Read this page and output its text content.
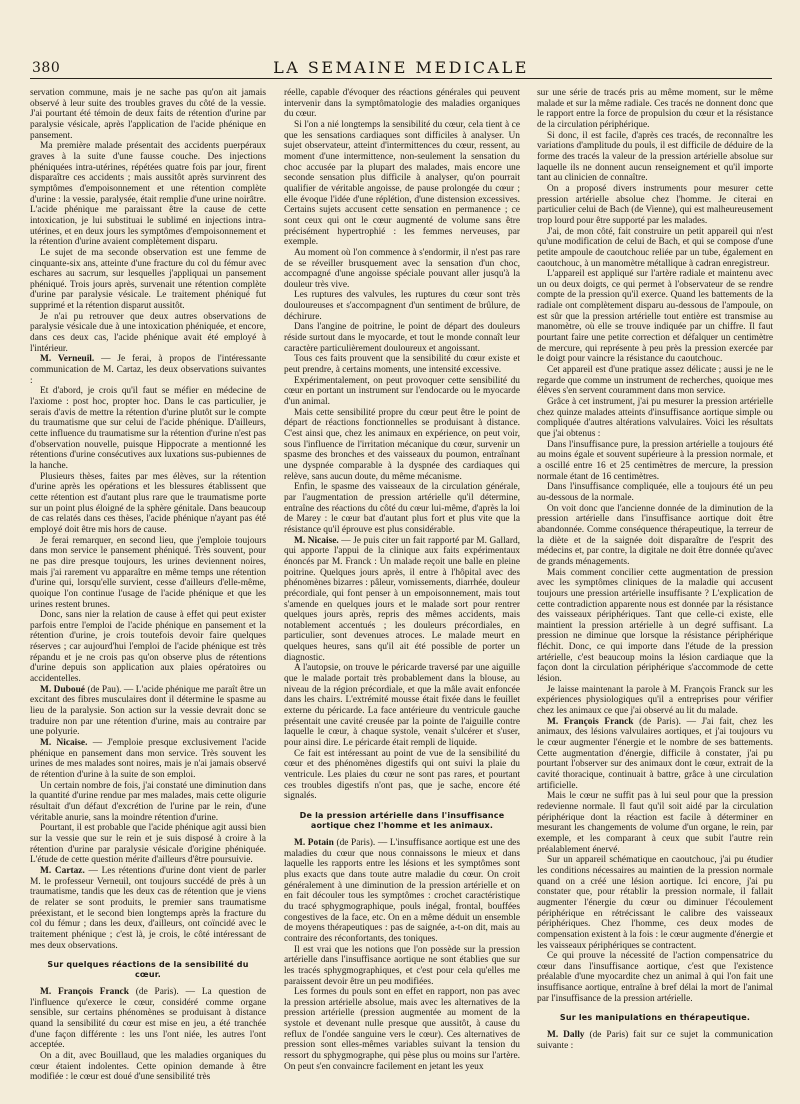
380	LA SEMAINE MEDICALE

servation commune, mais je ne sache pas qu'on ait jamais observé à leur suite des troubles graves du côté de la vessie. J'ai pourtant été témoin de deux faits de rétention d'urine par paralysie vésicale, après l'application de l'acide phénique en pansement.

Ma première malade présentait des accidents puerpéraux graves à la suite d'une fausse couche. Des injections phéniquées intra-utérines, répétées quatre fois par jour, firent disparaître ces accidents ; mais aussitôt après survinrent des symptômes d'empoisonnement et une rétention complète d'urine : la vessie, paralysée, était remplie d'une urine noirâtre. L'acide phénique me paraissant être la cause de cette intoxication, je lui substituai le sublimé en injections intra-utérines, et en deux jours les symptômes d'empoisonnement et la rétention d'urine avaient complètement disparu.

Le sujet de ma seconde observation est une femme de cinquante-six ans, atteinte d'une fracture du col du fémur avec eschares au sacrum, sur lesquelles j'appliquai un pansement phéniqué. Trois jours après, survenait une rétention complète d'urine par paralysie vésicale. Le traitement phéniqué fut supprimé et la rétention disparut aussitôt.

Je n'ai pu retrouver que deux autres observations de paralysie vésicale due à une intoxication phéniquée, et encore, dans ces deux cas, l'acide phénique avait été employé à l'intérieur.

M. Verneuil. — Je ferai, à propos de l'intéressante communication de M. Cartaz, les deux observations suivantes :

Et d'abord, je crois qu'il faut se méfier en médecine de l'axiome : post hoc, propter hoc. Dans le cas particulier, je serais d'avis de mettre la rétention d'urine plutôt sur le compte du traumatisme que sur celui de l'acide phénique. D'ailleurs, cette influence du traumatisme sur la rétention d'urine n'est pas d'observation nouvelle, puisque Hippocrate a mentionné les rétentions d'urine consécutives aux luxations sus-pubiennes de la hanche.

Plusieurs thèses, faites par mes élèves, sur la rétention d'urine après les opérations et les blessures établissent que cette rétention est d'autant plus rare que le traumatisme porte sur un point plus éloigné de la sphère génitale. Dans beaucoup de cas relatés dans ces thèses, l'acide phénique n'ayant pas été employé doit être mis hors de cause.

Je ferai remarquer, en second lieu, que j'emploie toujours dans mon service le pansement phéniqué. Très souvent, pour ne pas dire presque toujours, les urines deviennent noires, mais j'ai rarement vu apparaître en même temps une rétention d'urine qui, lorsqu'elle survient, cesse d'ailleurs d'elle-même, quoique l'on continue l'usage de l'acide phénique et que les urines restent brunes.

Donc, sans nier la relation de cause à effet qui peut exister parfois entre l'emploi de l'acide phénique en pansement et la rétention d'urine, je crois toutefois devoir faire quelques réserves ; car aujourd'hui l'emploi de l'acide phénique est très répandu et je ne crois pas qu'on observe plus de rétentions d'urine depuis son application aux plaies opératoires ou accidentelles.

M. Duboué (de Pau). — L'acide phénique me paraît être un excitant des fibres musculaires dont il détermine le spasme au lieu de la paralysie. Son action sur la vessie devrait donc se traduire non par une rétention d'urine, mais au contraire par une polyurie.

M. Nicaise. — J'emploie presque exclusivement l'acide phénique en pansement dans mon service. Très souvent les urines de mes malades sont noires, mais je n'ai jamais observé de rétention d'urine à la suite de son emploi.

Un certain nombre de fois, j'ai constaté une diminution dans la quantité d'urine rendue par mes malades, mais cette oligurie résultait d'un défaut d'excrétion de l'urine par le rein, d'une véritable anurie, sans la moindre rétention d'urine.

Pourtant, il est probable que l'acide phénique agit aussi bien sur la vessie que sur le rein et je suis disposé à croire à la rétention d'urine par paralysie vésicale d'origine phéniquée. L'étude de cette question mérite d'ailleurs d'être poursuivie.

M. Cartaz. — Les rétentions d'urine dont vient de parler M. le professeur Verneuil, ont toujours succédé de près à un traumatisme, tandis que les deux cas de rétention que je viens de relater se sont produits, le premier sans traumatisme préexistant, et le second bien longtemps après la fracture du col du fémur ; dans les deux, d'ailleurs, ont coïncidé avec le traitement phénique ; c'est là, je crois, le côté intéressant de mes deux observations.

Sur quelques réactions de la sensibilité du cœur.

M. François Franck (de Paris). — La question de l'influence qu'exerce le cœur, considéré comme organe sensible, sur certains phénomènes se produisant à distance quand la sensibilité du cœur est mise en jeu, a été tranchée d'une façon différente : les uns l'ont niée, les autres l'ont acceptée.

On a dit, avec Bouillaud, que les maladies organiques du cœur étaient indolentes. Cette opinion demande à être modifiée : le cœur est doué d'une sensibilité très

réelle, capable d'évoquer des réactions générales qui peuvent intervenir dans la symptômatologie des maladies organiques du cœur.

Si l'on a nié longtemps la sensibilité du cœur, cela tient à ce que les sensations cardiaques sont difficiles à analyser. Un sujet observateur, atteint d'intermittences du cœur, ressent, au moment d'une intermittence, non-seulement la sensation du choc accusée par la plupart des malades, mais encore une seconde sensation plus difficile à analyser, qu'on pourrait qualifier de véritable angoisse, de pause prolongée du cœur ; elle évoque l'idée d'une réplétion, d'une distension excessives. Certains sujets accusent cette sensation en permanence ; ce sont ceux qui ont le cœur augmenté de volume sans être précisément hypertrophié : les femmes nerveuses, par exemple.

Au moment où l'on commence à s'endormir, il n'est pas rare de se réveiller brusquement avec la sensation d'un choc, accompagné d'une angoisse spéciale pouvant aller jusqu'à la douleur très vive.

Les ruptures des valvules, les ruptures du cœur sont très douloureuses et s'accompagnent d'un sentiment de brûlure, de déchirure.

Dans l'angine de poitrine, le point de départ des douleurs réside surtout dans le myocarde, et tout le monde connaît leur caractère particulièrement douloureux et angoissant.

Tous ces faits prouvent que la sensibilité du cœur existe et peut prendre, à certains moments, une intensité excessive.

Expérimentalement, on peut provoquer cette sensibilité du cœur en portant un instrument sur l'endocarde ou le myocarde d'un animal.

Mais cette sensibilité propre du cœur peut être le point de départ de réactions fonctionnelles se produisant à distance. C'est ainsi que, chez les animaux en expérience, on peut voir, sous l'influence de l'irritation mécanique du cœur, survenir un spasme des bronches et des vaisseaux du poumon, entraînant une dyspnée comparable à la dyspnée des cardiaques qui relève, sans aucun doute, du même mécanisme.

Enfin, le spasme des vaisseaux de la circulation générale, par l'augmentation de pression artérielle qu'il détermine, entraîne des réactions du côté du cœur lui-même, d'après la loi de Marey : le cœur bat d'autant plus fort et plus vite que la résistance qu'il éprouve est plus considérable.

M. Nicaise. — Je puis citer un fait rapporté par M. Gallard, qui apporte l'appui de la clinique aux faits expérimentaux énoncés par M. Franck : Un malade reçoit une balle en pleine poitrine. Quelques jours après, il entre à l'hôpital avec des phénomènes bizarres : pâleur, vomissements, diarrhée, douleur précordiale, qui font penser à un empoisonnement, mais tout s'amende en quelques jours et le malade sort pour rentrer quelques jours après, repris des mêmes accidents, mais notablement accentués ; les douleurs précordiales, en particulier, sont devenues atroces. Le malade meurt en quelques heures, sans qu'il ait été possible de porter un diagnostic.

A l'autopsie, on trouve le péricarde traversé par une aiguille que le malade portait très probablement dans la blouse, au niveau de la région précordiale, et que la mâle avait enfoncée dans les chairs. L'extrémité mousse était fixée dans le feuillet externe du péricarde. La face antérieure du ventricule gauche présentait une cavité creusée par la pointe de l'aiguille contre laquelle le cœur, à chaque systole, venait s'ulcérer et s'user, pour ainsi dire. Le péricarde était rempli de liquide.

Ce fait est intéressant au point de vue de la sensibilité du cœur et des phénomènes digestifs qui ont suivi la plaie du ventricule. Les plaies du cœur ne sont pas rares, et pourtant ces troubles digestifs n'ont pas, que je sache, encore été signalés.

De la pression artérielle dans l'insuffisance aortique chez l'homme et les animaux.

M. Potain (de Paris). — L'insuffisance aortique est une des maladies du cœur que nous connaissons le mieux et dans laquelle les rapports entre les lésions et les symptômes sont plus exacts que dans toute autre maladie du cœur. On croit généralement à une diminution de la pression artérielle et on en fait découler tous les symptômes : crochet caractéristique du tracé sphygmographique, pouls inégal, frontal, bouffées congestives de la face, etc. On en a même déduit un ensemble de moyens thérapeutiques : pas de saignée, a-t-on dit, mais au contraire des réconfortants, des toniques.

Il est vrai que les notions que l'on possède sur la pression artérielle dans l'insuffisance aortique ne sont établies que sur les tracés sphygmographiques, et c'est pour cela qu'elles me paraissent devoir être un peu modifiées.

Les formes du pouls sont en effet en rapport, non pas avec la pression artérielle absolue, mais avec les alternatives de la pression artérielle (pression augmentée au moment de la systole et devenant nulle presque que aussitôt, à cause du reflux de l'ondée sanguine vers le cœur). Ces alternatives de pression sont elles-mêmes variables suivant la tension du ressort du sphygmographe, qui pèse plus ou moins sur l'artère. On peut s'en convaincre facilement en jetant les yeux

sur une série de tracés pris au même moment, sur le même malade et sur la même radiale. Ces tracés ne donnent donc que le rapport entre la force de propulsion du cœur et la résistance de la circulation périphérique.

Si donc, il est facile, d'après ces tracés, de reconnaître les variations d'amplitude du pouls, il est difficile de déduire de la forme des tracés la valeur de la pression artérielle absolue sur laquelle ils ne donnent aucun renseignement et qu'il importe tant au clinicien de connaître.

On a proposé divers instruments pour mesurer cette pression artérielle absolue chez l'homme. Je citerai en particulier celui de Bach (de Vienne), qui est malheureusement trop lourd pour être supporté par les malades.

J'ai, de mon côté, fait construire un petit appareil qui n'est qu'une modification de celui de Bach, et qui se compose d'une petite ampoule de caoutchouc reliée par un tube, également en caoutchouc, à un manomètre métallique à cadran enregistreur.

L'appareil est appliqué sur l'artère radiale et maintenu avec un ou deux doigts, ce qui permet à l'observateur de se rendre compte de la pression qu'il exerce. Quand les battements de la radiale ont complètement disparu au-dessous de l'ampoule, on est sûr que la pression artérielle tout entière est transmise au manomètre, où elle se trouve indiquée par un chiffre. Il faut pourtant faire une petite correction et défalquer un centimètre de mercure, qui représente à peu près la pression exercée par le doigt pour vaincre la résistance du caoutchouc.

Cet appareil est d'une pratique assez délicate ; aussi je ne le regarde que comme un instrument de recherches, quoique mes élèves s'en servent couramment dans mon service.

Grâce à cet instrument, j'ai pu mesurer la pression artérielle chez quinze malades atteints d'insuffisance aortique simple ou compliquée d'autres altérations valvulaires. Voici les résultats que j'ai obtenus :

Dans l'insuffisance pure, la pression artérielle a toujours été au moins égale et souvent supérieure à la pression normale, et a oscillé entre 16 et 25 centimètres de mercure, la pression normale étant de 16 centimètres.

Dans l'insuffisance compliquée, elle a toujours été un peu au-dessous de la normale.

On voit donc que l'ancienne donnée de la diminution de la pression artérielle dans l'insuffisance aortique doit être abandonnée. Comme conséquence thérapeutique, la terreur de la diète et de la saignée doit disparaître de l'esprit des médecins et, par contre, la digitale ne doit être donnée qu'avec de grands ménagements.

Mais comment concilier cette augmentation de pression avec les symptômes cliniques de la maladie qui accusent toujours une pression artérielle insuffisante ? L'explication de cette contradiction apparente nous est donnée par la résistance des vaisseaux périphériques. Tant que celle-ci existe, elle maintient la pression artérielle à un degré suffisant. La pression ne diminue que lorsque la résistance périphérique fléchit. Donc, ce qui importe dans l'étude de la pression artérielle, c'est beaucoup moins la lésion cardiaque que la façon dont la circulation périphérique s'accommode de cette lésion.

Je laisse maintenant la parole à M. François Franck sur les expériences physiologiques qu'il a entreprises pour vérifier chez les animaux ce que j'ai observé au lit du malade.

M. François Franck (de Paris). — J'ai fait, chez les animaux, des lésions valvulaires aortiques, et j'ai toujours vu le cœur augmenter l'énergie et le nombre de ses battements. Cette augmentation d'énergie, difficile à constater, j'ai pu pourtant l'observer sur des animaux dont le cœur, extrait de la cavité thoracique, continuait à battre, grâce à une circulation artificielle.

Mais le cœur ne suffit pas à lui seul pour que la pression redevienne normale. Il faut qu'il soit aidé par la circulation périphérique dont la réaction est facile à déterminer en mesurant les changements de volume d'un organe, le rein, par exemple, et les comparant à ceux que subit l'autre rein préalablement énervé.

Sur un appareil schématique en caoutchouc, j'ai pu étudier les conditions nécessaires au maintien de la pression normale quand on a créé une lésion aortique. Ici encore, j'ai pu constater que, pour rétablir la pression normale, il fallait augmenter l'énergie du cœur ou diminuer l'écoulement périphérique en rétrécissant le calibre des vaisseaux périphériques. Chez l'homme, ces deux modes de compensation existent à la fois : le cœur augmente d'énergie et les vaisseaux périphériques se contractent.

Ce qui prouve la nécessité de l'action compensatrice du cœur dans l'insuffisance aortique, c'est que l'existence préalable d'une myocardite chez un animal à qui l'on fait une insuffisance aortique, entraîne à bref délai la mort de l'animal par l'insuffisance de la pression artérielle.

Sur les manipulations en thérapeutique.

M. Dally (de Paris) fait sur ce sujet la communication suivante :
